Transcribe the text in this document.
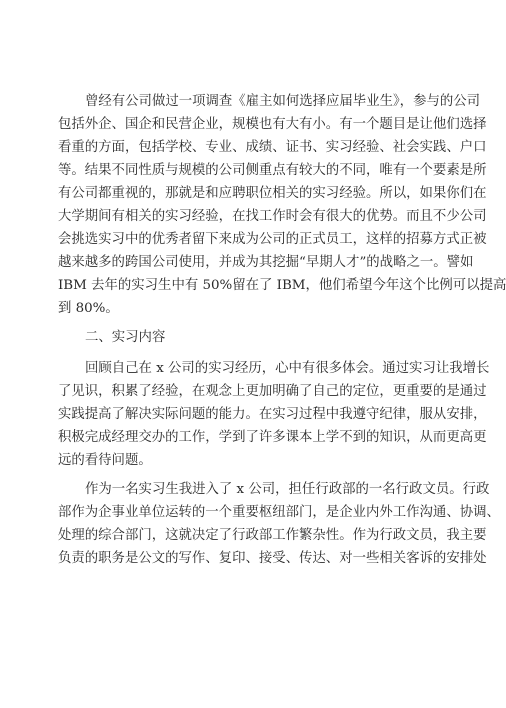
曾经有公司做过一项调查《雇主如何选择应届毕业生》，参与的公司
包括外企、国企和民营企业，规模也有大有小。有一个题目是让他们选择
看重的方面，包括学校、专业、成绩、证书、实习经验、社会实践、户口
等。结果不同性质与规模的公司侧重点有较大的不同，唯有一个要素是所
有公司都重视的，那就是和应聘职位相关的实习经验。所以，如果你们在
大学期间有相关的实习经验，在找工作时会有很大的优势。而且不少公司
会挑选实习中的优秀者留下来成为公司的正式员工，这样的招募方式正被
越来越多的跨国公司使用，并成为其挖掘“早期人才”的战略之一。譬如
IBM 去年的实习生中有 50%留在了 IBM，他们希望今年这个比例可以提高
到 80%。
二、实习内容
回顾自己在 x 公司的实习经历，心中有很多体会。通过实习让我增长
了见识，积累了经验，在观念上更加明确了自己的定位，更重要的是通过
实践提高了解决实际问题的能力。在实习过程中我遵守纪律，服从安排，
积极完成经理交办的工作，学到了许多课本上学不到的知识，从而更高更
远的看待问题。
作为一名实习生我进入了 x 公司，担任行政部的一名行政文员。行政
部作为企事业单位运转的一个重要枢纽部门，是企业内外工作沟通、协调、
处理的综合部门，这就决定了行政部工作繁杂性。作为行政文员，我主要
负责的职务是公文的写作、复印、接受、传达、对一些相关客诉的安排处
